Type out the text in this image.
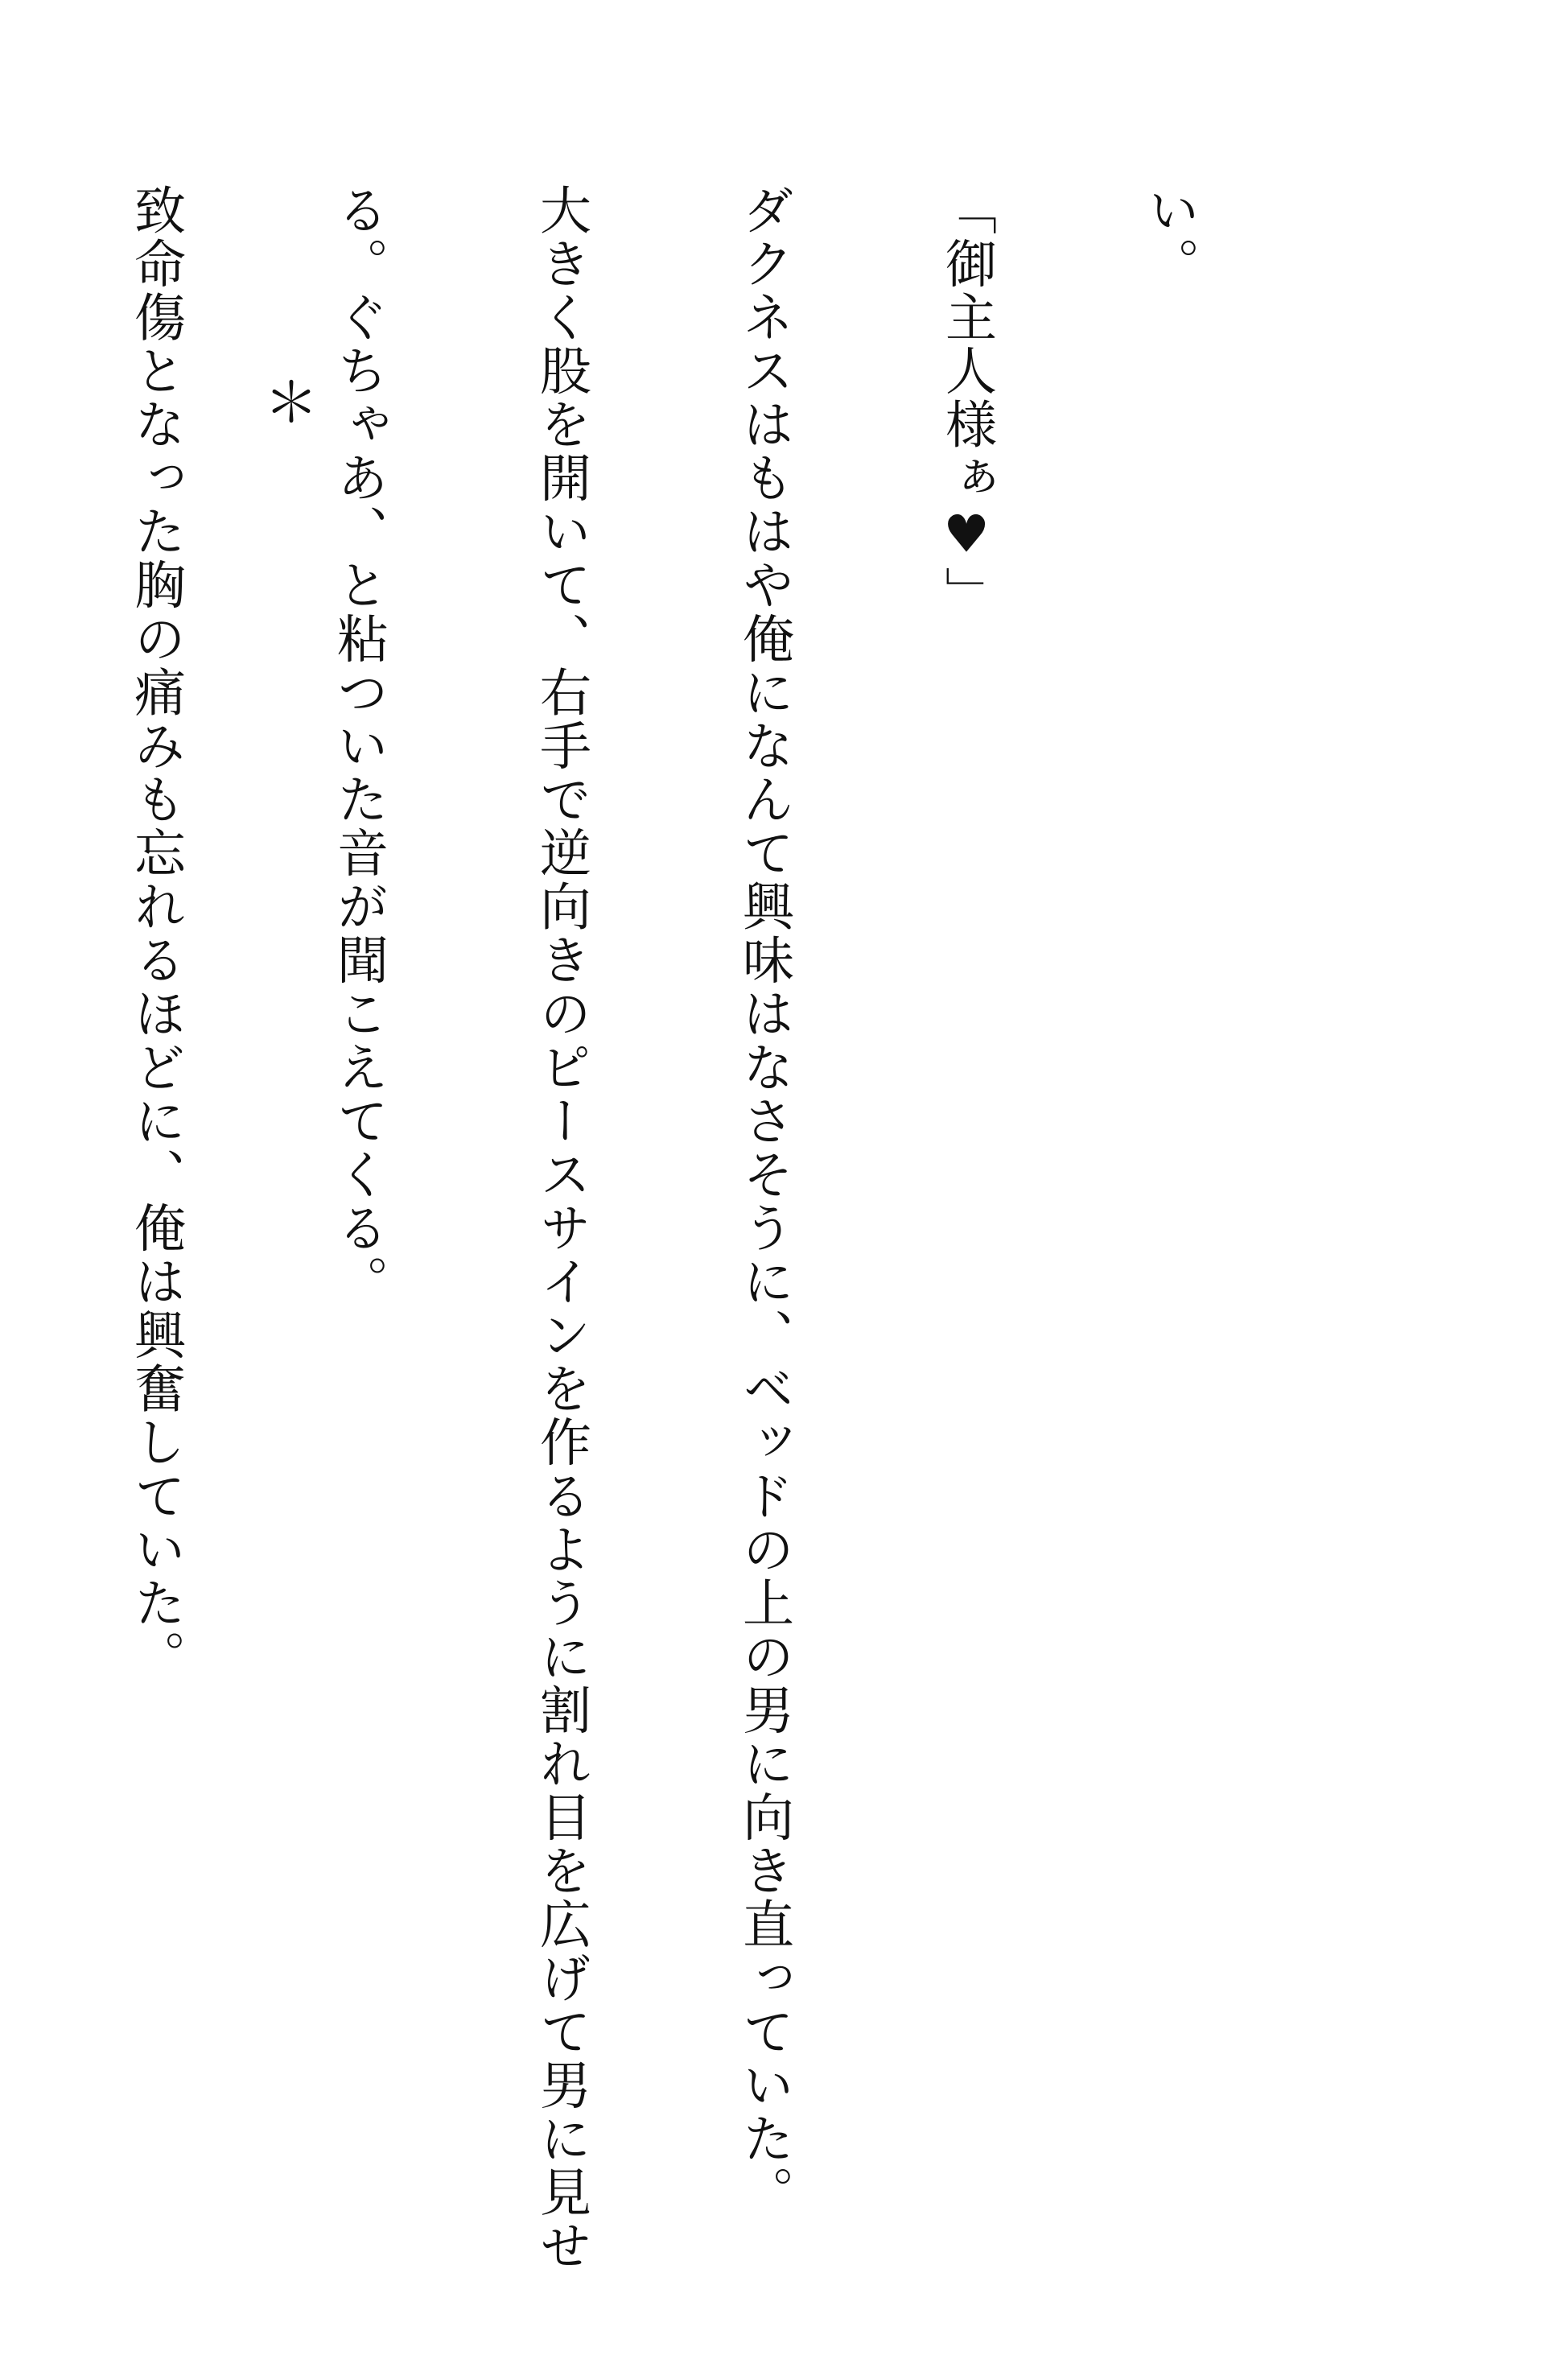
い。

「御主人様ぁ♥」

ダクネスはもはや俺になんて興味はなさそうに、ベッドの上の男に向き直っていた。

大きく股を開いて、右手で逆向きのピースサインを作るように割れ目を広げて男に見せ

る。ぐちゃあ、と粘ついた音が聞こえてくる。

致命傷となった胸の痛みも忘れるほどに、俺は興奮していた。

＊
